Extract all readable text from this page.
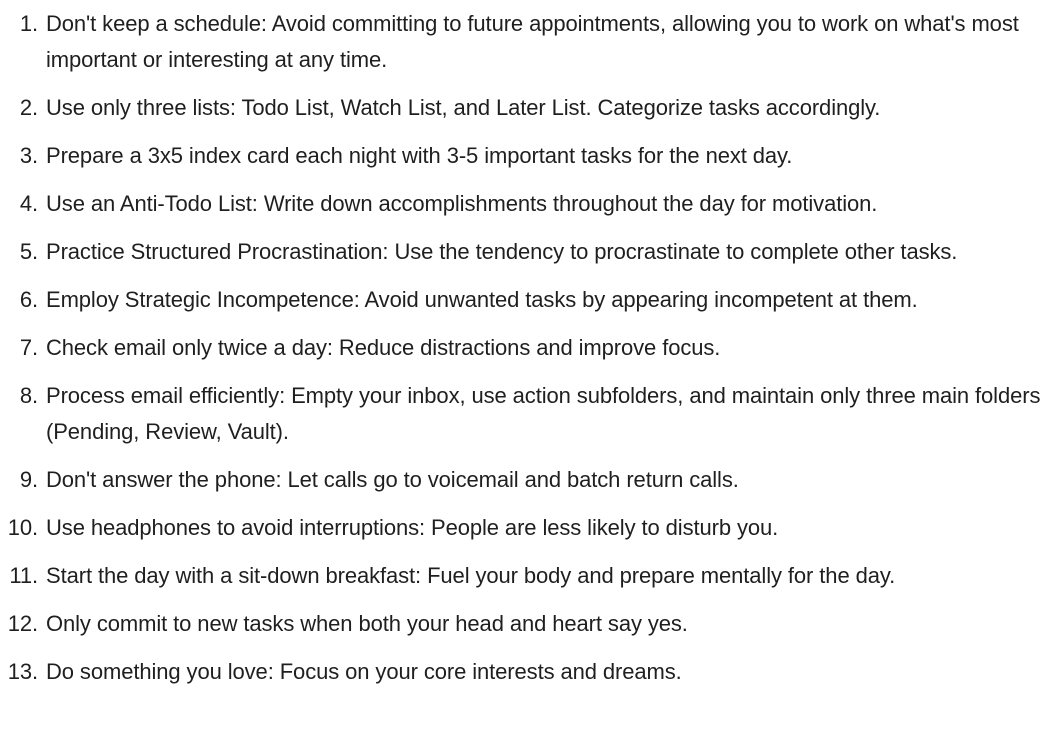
1. Don't keep a schedule: Avoid committing to future appointments, allowing you to work on what's most important or interesting at any time.
2. Use only three lists: Todo List, Watch List, and Later List. Categorize tasks accordingly.
3. Prepare a 3x5 index card each night with 3-5 important tasks for the next day.
4. Use an Anti-Todo List: Write down accomplishments throughout the day for motivation.
5. Practice Structured Procrastination: Use the tendency to procrastinate to complete other tasks.
6. Employ Strategic Incompetence: Avoid unwanted tasks by appearing incompetent at them.
7. Check email only twice a day: Reduce distractions and improve focus.
8. Process email efficiently: Empty your inbox, use action subfolders, and maintain only three main folders (Pending, Review, Vault).
9. Don't answer the phone: Let calls go to voicemail and batch return calls.
10. Use headphones to avoid interruptions: People are less likely to disturb you.
11. Start the day with a sit-down breakfast: Fuel your body and prepare mentally for the day.
12. Only commit to new tasks when both your head and heart say yes.
13. Do something you love: Focus on your core interests and dreams.
